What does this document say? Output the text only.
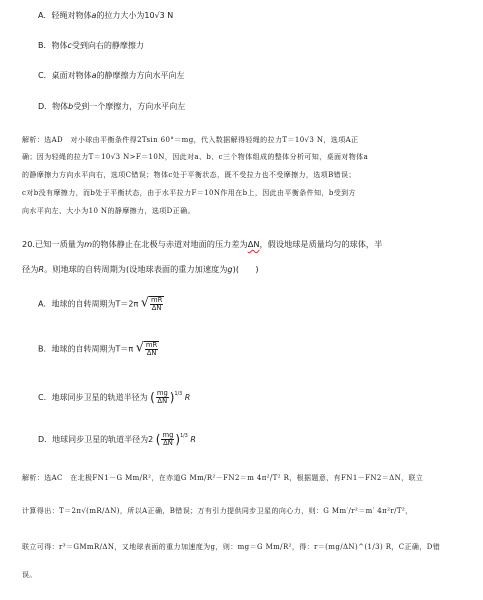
A．轻绳对物体a的拉力大小为10√3 N
B．物体c受到向右的静摩擦力
C．桌面对物体a的静摩擦力方向水平向左
D．物体b受到一个摩擦力，方向水平向左
解析：选AD　对小球由平衡条件得2Tsin 60°＝mg，代入数据解得轻绳的拉力T＝10√3 N，选项A正
确；因为轻绳的拉力T＝10√3 N>F＝10N，因此对a、b、c三个物体组成的整体分析可知，桌面对物体a
的静摩擦力方向水平向右，选项C错误；物体c处于平衡状态，既不受拉力也不受摩擦力，选项B错误；
c对b没有摩擦力，而b处于平衡状态，由于水平拉力F＝10N作用在b上，因此由平衡条件知，b受到方
向水平向左、大小为10 N的静摩擦力，选项D正确。
20.已知一质量为m的物体静止在北极与赤道对地面的压力差为ΔN，假设地球是质量均匀的球体，半
径为R。则地球的自转周期为(设地球表面的重力加速度为g)(　　)
A．地球的自转周期为T＝2π √ $\frac{mR}{\Delta N}$
B．地球的自转周期为T＝π √ $\frac{mR}{\Delta N}$
C．地球同步卫星的轨道半径为 ( $\frac{mg}{\Delta N} )^{1/3}$ R
D．地球同步卫星的轨道半径为2 ( $\frac{mg}{\Delta N} )^{1/3}$ R
解析：选AC　在北极FN1－G Mm/R²，在赤道G Mm/R²－FN2＝m 4π²/T² R，根据题意，有FN1－FN2＝ΔN，联立
计算得出：T＝2π√(mR/ΔN)，所以A正确，B错误；万有引力提供同步卫星的向心力，则：G Mm′/r²＝m′ 4π²r/T²，
联立可得：r³＝GMmR/ΔN，又地球表面的重力加速度为g，则：mg＝G Mm/R²，得：r＝(mg/ΔN)^(1/3) R，C正确，D错
误。
